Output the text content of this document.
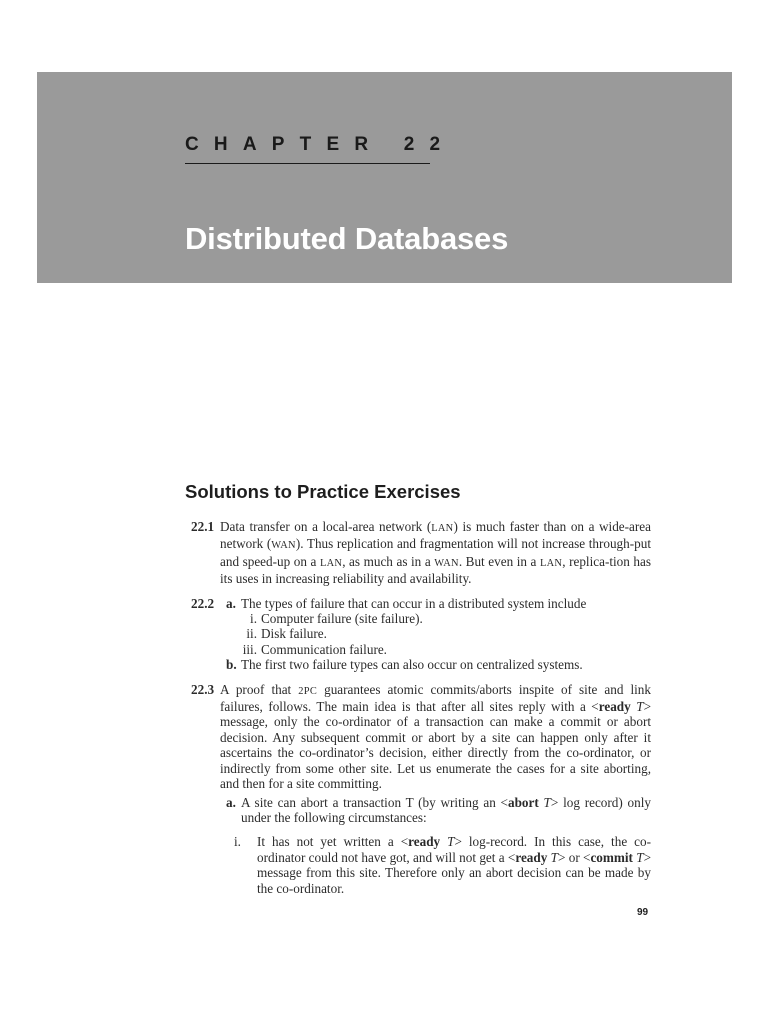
CHAPTER 22
Distributed Databases
Solutions to Practice Exercises
22.1 Data transfer on a local-area network (LAN) is much faster than on a wide-area network (WAN). Thus replication and fragmentation will not increase through-put and speed-up on a LAN, as much as in a WAN. But even in a LAN, replica-tion has its uses in increasing reliability and availability.
22.2 a. The types of failure that can occur in a distributed system include
i. Computer failure (site failure).
ii. Disk failure.
iii. Communication failure.
b. The first two failure types can also occur on centralized systems.
22.3 A proof that 2PC guarantees atomic commits/aborts inspite of site and link failures, follows. The main idea is that after all sites reply with a <ready T> message, only the co-ordinator of a transaction can make a commit or abort decision. Any subsequent commit or abort by a site can happen only after it ascertains the co-ordinator’s decision, either directly from the co-ordinator, or indirectly from some other site. Let us enumerate the cases for a site aborting, and then for a site committing.
a. A site can abort a transaction T (by writing an <abort T> log record) only under the following circumstances:
i. It has not yet written a <ready T> log-record. In this case, the co-ordinator could not have got, and will not get a <ready T> or <commit T> message from this site. Therefore only an abort decision can be made by the co-ordinator.
99
